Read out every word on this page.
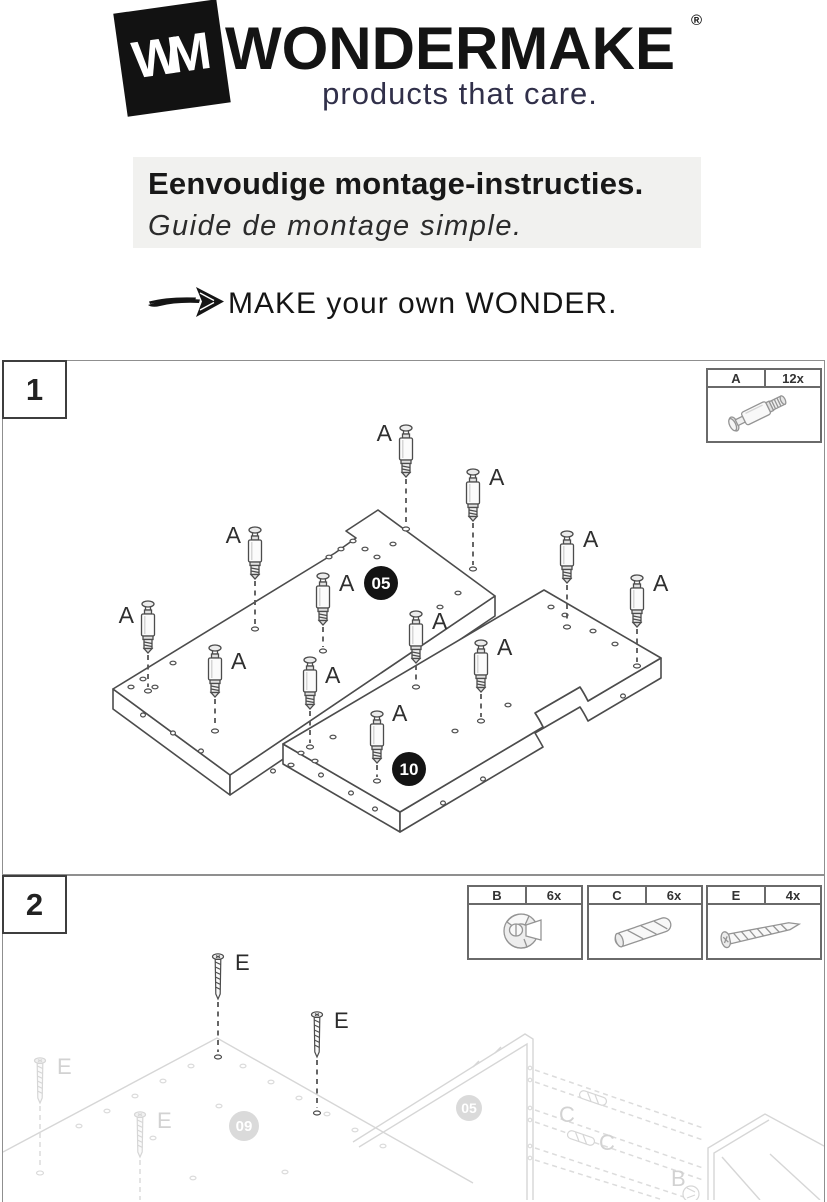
WM WONDERMAKE ®
products that care.
Eenvoudige montage-instructies.
Guide de montage simple.
MAKE your own WONDER.
1	A	12x
05
10
A
A
A
A
A
A
A
A
A
A
A
A
2	B	6x	C	6x	E	4x
09
05	C
C
B
E
E
E
E
